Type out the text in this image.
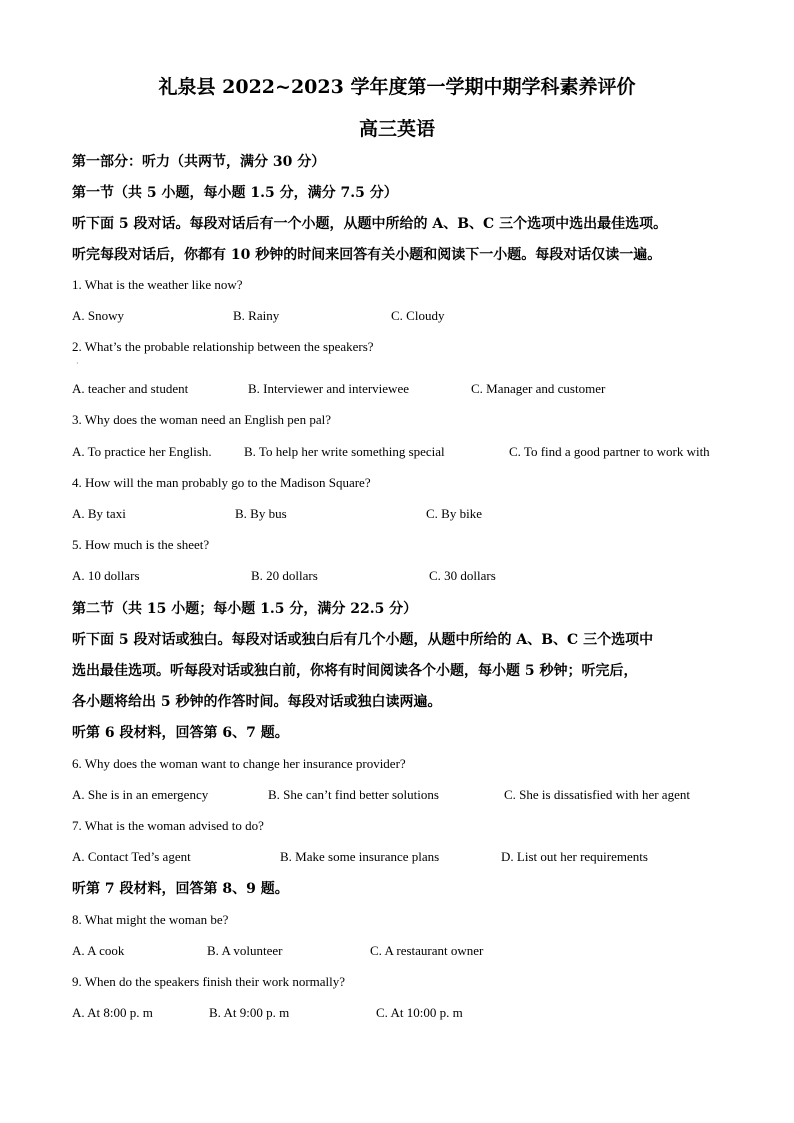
礼泉县 2022~2023 学年度第一学期中期学科素养评价
高三英语
第一部分：听力（共两节，满分 30 分）
第一节（共 5 小题，每小题 1.5 分，满分 7.5 分）
听下面 5 段对话。每段对话后有一个小题，从题中所给的 A、B、C 三个选项中选出最佳选项。
听完每段对话后，你都有 10 秒钟的时间来回答有关小题和阅读下一小题。每段对话仅读一遍。
1. What is the weather like now?
A. Snowy	B. Rainy	C. Cloudy
2. What’s the probable relationship between the speakers?
·
A. teacher and student	B. Interviewer and interviewee	C. Manager and customer
3. Why does the woman need an English pen pal?
A. To practice her English. B. To help her write something special	C. To find a good partner to work with
4. How will the man probably go to the Madison Square?
A. By taxi	B. By bus	C. By bike
5. How much is the sheet?
A. 10 dollars	B. 20 dollars	C. 30 dollars
第二节（共 15 小题；每小题 1.5 分，满分 22.5 分）
听下面 5 段对话或独白。每段对话或独白后有几个小题，从题中所给的 A、B、C 三个选项中
选出最佳选项。听每段对话或独白前，你将有时间阅读各个小题，每小题 5 秒钟；听完后，
各小题将给出 5 秒钟的作答时间。每段对话或独白读两遍。
听第 6 段材料，回答第 6、7 题。
6. Why does the woman want to change her insurance provider?
A. She is in an emergency	B. She can’t find better solutions	C. She is dissatisfied with her agent
7. What is the woman advised to do?
A. Contact Ted’s agent	B. Make some insurance plans	D. List out her requirements
听第 7 段材料，回答第 8、9 题。
8. What might the woman be?
A. A cook	B. A volunteer	C. A restaurant owner
9. When do the speakers finish their work normally?
A. At 8:00 p. m	B. At 9:00 p. m	C. At 10:00 p. m
